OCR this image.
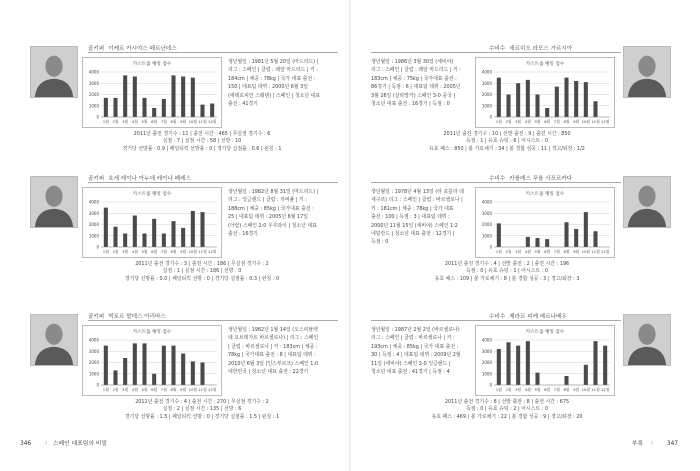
골키퍼 이케르 카시야스 페르난데스
카스트롤 랭킹 점수
0
1000
2000
3000
4000
1월 2월 3월 4월 5월 6월 7월 8월 9월 10월 11월 12월
생년월일 : 1981년 5월 20일 (마드리드) | 리그 : 스페인 | 클럽 : 레알 마드리드 | 키 : 184cm | 체중 : 78kg | 국가 대표 출전 : 150 | 대표팀 데뷔 : 2000년 6월 3일 (에테로피언 스웨덴) | 스페인 | 청소년 대표 출전 : 41경기
2011년 출전 경기수 : 11 | 출전 시간 : 465 | 무실점 경기수 : 6
실점 : 7 | 실점 시간 : 58 | 선방 : 10
경기당 선방률 : 0.9 | 페널티킥 선방률 : 0 | 경기당 실점률 : 0.6 | 펀칭 : 1
수비수 세르히오 라모스 가르시아
생년월일 : 1986년 3월 30일 (세비야) 리그 : 스페인 | 클럽 : 레알 마드리드 | 키 : 183cm | 체중 : 75kg | 국가대표 출전 : 86경기 | 득점 : 6 | 대표팀 데뷔 : 2005년 3월 26일 (살라망카) 스페인 3-0 중국 | 청소년 대표 출전 : 16경기 | 득점 : 0
카스트롤 랭킹 점수
0
1000
2000
3000
4000
1월 2월 3월 4월 5월 6월 7월 8월 9월 10월 11월 12월
2011년 출전 경기수 : 10 | 선발 출전 : 9 | 출전 시간 : 850
득점 : 1 | 유효 슈팅 : 6 | 어시스트 : 0
유효 패스 : 850 | 볼 가로채기 : 34 | 볼 경합 성공 : 11 | 경고/퇴장 : 1/2
골키퍼 호세 레이나 아누에 레이나 페레스
카스트롤 랭킹 점수
0
1000
2000
3000
4000
1월 2월 3월 4월 5월 6월 7월 8월 9월 10월 11월 12월
생년월일 : 1982년 8월 31일 (마드리드) | 리그 : 잉글랜드 | 클럽 : 리버풀 | 키 : 188cm | 체중 : 85kg | 국가대표 출전 : 25 | 대표팀 데뷔 : 2005년 6월 17일 (아랍) 스페인 2:0 우루과이 | 청소년 대표 출전 : 16경기
2011년 출전 경기수 : 3 | 출전 시간 : 186 | 무실점 경기수 : 2
실점 : 1 | 실점 시간 : 186 | 선방 : 0
경기당 선방률 : 0.0 | 페널티킥 선방 : 0 | 경기당 실점률 : 0.3 | 펀칭 : 0
수비수 카를레스 푸욜 사포르카다
생년월일 : 1978년 4월 13일 (라 포블라 데 세구르) 리그 : 스페인 | 클럽 : 바르셀로나 | 키 : 181cm | 체중 : 78kg | 국가 대표 출전 : 100 | 득점 : 3 | 대표팀 데뷔 : 2000년 11월 15일 (세비야) 스페인 1:2 네덜란드 | 청소년 대표 출전 : 12경기 | 득점 : 0
카스트롤 랭킹 점수
0
1000
2000
3000
4000
1월 2월 3월 4월 5월 6월 7월 8월 9월 10월 11월 12월
2011년 출전 경기수 : 4 | 선발 출전 : 2 | 출전 시간 : 196
득점 : 0 | 유효 슈팅 : 1 | 어시스트 : 0
유효 패스 : 109 | 볼 가로채기 : 8 | 볼 경합 성공 : 3 | 경고/퇴장 : 3
골키퍼 빅토르 발데스 아리바스
카스트롤 랭킹 점수
0
1000
2000
3000
4000
1월 2월 3월 4월 5월 6월 7월 8월 9월 10월 11월 12월
생년월일 : 1982년 1월 14일 (오스피탈렛 데 요브레가트 바르셀로나) | 리그 : 스페인 | 클럽 : 바르셀로나 | 키 : 183cm | 체중 : 78kg | 국가대표 출전 : 8 | 대표팀 데뷔 : 2010년 6월 3일 (인스부르크) 스페인 1:0 대한민국 | 청소년 대표 출전 : 22경기
2011년 출전 경기수 : 4 | 출전 시간 : 270 | 무실점 경기수 : 2
실점 : 2 | 실점 시간 : 135 | 선방 : 6
경기당 선방률 : 1.5 | 페널티킥 선방 : 0 | 경기당 실점률 : 1.5 | 펀칭 : 1
수비수 제라르 피케 베르나베우
생년월일 : 1987년 2월 2일 (바르셀로나) 리그 : 스페인 | 클럽 : 바르셀로나 | 키 : 193cm | 체중 : 85kg | 국가 대표 출전 : 30 | 득점 : 4 | 대표팀 데뷔 : 2009년 2월 11일 (세비야) 스페인 2-0 잉글랜드 | 청소년 대표 출전 : 41경기 | 득점 : 4
카스트롤 랭킹 점수
0
1000
2000
3000
4000
1월 2월 3월 4월 5월 6월 7월 8월 9월 10월 11월 12월
2011년 출전 경기수 : 8 | 선발 출전 : 8 | 출전 시간 : 675
득점 : 0 | 유효 슈팅 : 2 | 어시스트 : 0
유효 패스 : 469 | 볼 가로채기 : 22 | 볼 경합 성공 : 9 | 경고/퇴장 : 20
346 ⁞ 스페인 대표팀의 비밀	부록 ⁞ 347
